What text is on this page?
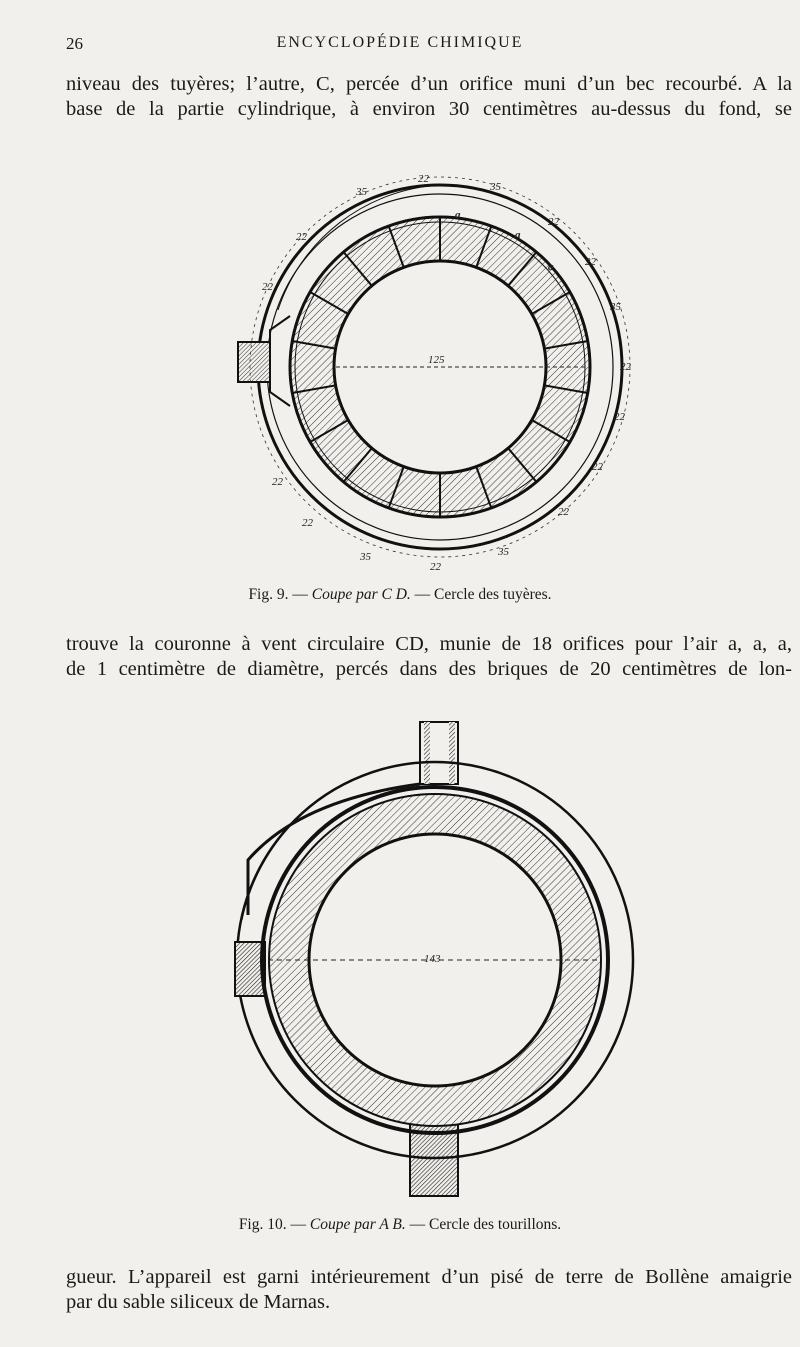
26	ENCYCLOPÉDIE CHIMIQUE
niveau des tuyères; l’autre, C, percée d’un orifice muni d’un bec recourbé. A la
base de la partie cylindrique, à environ 30 centimètres au-dessus du fond, se
125
a
a
a
22
35	35
22
22
35
22
22
22
22
35
22
35
22
22
22
22
Fig. 9. — Coupe par C D. — Cercle des tuyères.
trouve la couronne à vent circulaire CD, munie de 18 orifices pour l’air a, a, a,
de 1 centimètre de diamètre, percés dans des briques de 20 centimètres de lon-
143
Fig. 10. — Coupe par A B. — Cercle des tourillons.
gueur. L’appareil est garni intérieurement d’un pisé de terre de Bollène amaigrie
par du sable siliceux de Marnas.
